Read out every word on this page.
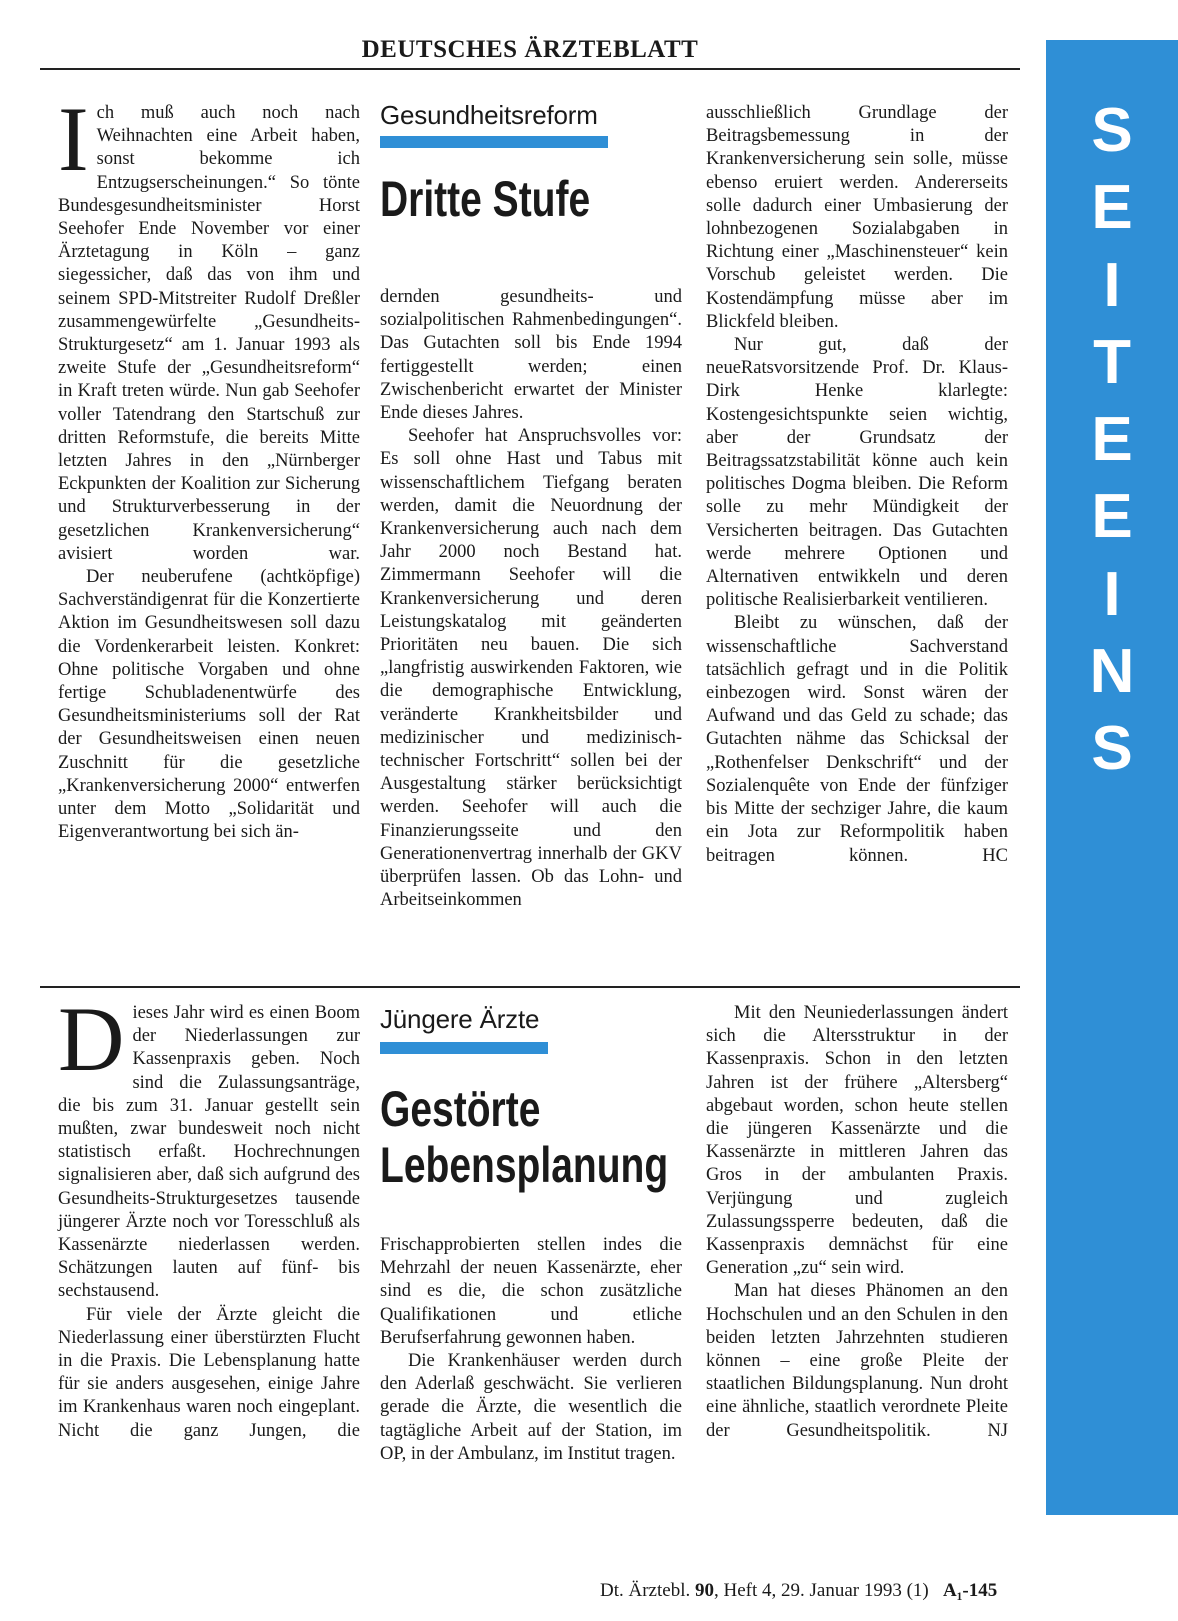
DEUTSCHES ÄRZTEBLATT
S
E
I
T
E
E
I
N
S

Ich muß auch noch nach Weihnachten eine Arbeit haben, sonst bekomme ich Entzugserscheinungen.“ So tönte Bundesgesundheitsminister Horst Seehofer Ende November vor einer Ärztetagung in Köln – ganz siegessicher, daß das von ihm und seinem SPD-Mitstreiter Rudolf Dreßler zusammengewürfelte „Gesundheits-Strukturgesetz“ am 1. Januar 1993 als zweite Stufe der „Gesundheitsreform“ in Kraft treten würde. Nun gab Seehofer voller Tatendrang den Startschuß zur dritten Reformstufe, die bereits Mitte letzten Jahres in den „Nürnberger Eckpunkten der Koalition zur Sicherung und Strukturverbesserung in der gesetzlichen Krankenversicherung“ avisiert worden war.

Der neuberufene (achtköpfige) Sachverständigenrat für die Konzertierte Aktion im Gesundheitswesen soll dazu die Vordenkerarbeit leisten. Konkret: Ohne politische Vorgaben und ohne fertige Schubladenentwürfe des Gesundheitsministeriums soll der Rat der Gesundheitsweisen einen neuen Zuschnitt für die gesetzliche „Krankenversicherung 2000“ entwerfen unter dem Motto „Solidarität und Eigenverantwortung bei sich än-

Gesundheitsreform
Dritte Stufe

dernden gesundheits- und sozialpolitischen Rahmenbedingungen“. Das Gutachten soll bis Ende 1994 fertiggestellt werden; einen Zwischenbericht erwartet der Minister Ende dieses Jahres.

Seehofer hat Anspruchsvolles vor: Es soll ohne Hast und Tabus mit wissenschaftlichem Tiefgang beraten werden, damit die Neuordnung der Krankenversicherung auch nach dem Jahr 2000 noch Bestand hat. Zimmermann Seehofer will die Krankenversicherung und deren Leistungskatalog mit geänderten Prioritäten neu bauen. Die sich „langfristig auswirkenden Faktoren, wie die demographische Entwicklung, veränderte Krankheitsbilder und medizinischer und medizinisch-technischer Fortschritt“ sollen bei der Ausgestaltung stärker berücksichtigt werden. Seehofer will auch die Finanzierungsseite und den Generationenvertrag innerhalb der GKV überprüfen lassen. Ob das Lohn- und Arbeitseinkommen

ausschließlich Grundlage der Beitragsbemessung in der Krankenversicherung sein solle, müsse ebenso eruiert werden. Andererseits solle dadurch einer Umbasierung der lohnbezogenen Sozialabgaben in Richtung einer „Maschinensteuer“ kein Vorschub geleistet werden. Die Kostendämpfung müsse aber im Blickfeld bleiben.

Nur gut, daß der neueRatsvorsitzende Prof. Dr. Klaus-Dirk Henke klarlegte: Kostengesichtspunkte seien wichtig, aber der Grundsatz der Beitragssatzstabilität könne auch kein politisches Dogma bleiben. Die Reform solle zu mehr Mündigkeit der Versicherten beitragen. Das Gutachten werde mehrere Optionen und Alternativen entwikkeln und deren politische Realisierbarkeit ventilieren.

Bleibt zu wünschen, daß der wissenschaftliche Sachverstand tatsächlich gefragt und in die Politik einbezogen wird. Sonst wären der Aufwand und das Geld zu schade; das Gutachten nähme das Schicksal der „Rothenfelser Denkschrift“ und der Sozialenquête von Ende der fünfziger bis Mitte der sechziger Jahre, die kaum ein Jota zur Reformpolitik haben beitragen können. HC

Dieses Jahr wird es einen Boom der Niederlassungen zur Kassenpraxis geben. Noch sind die Zulassungsanträge, die bis zum 31. Januar gestellt sein mußten, zwar bundesweit noch nicht statistisch erfaßt. Hochrechnungen signalisieren aber, daß sich aufgrund des Gesundheits-Strukturgesetzes tausende jüngerer Ärzte noch vor Toresschluß als Kassenärzte niederlassen werden. Schätzungen lauten auf fünf- bis sechstausend.

Für viele der Ärzte gleicht die Niederlassung einer überstürzten Flucht in die Praxis. Die Lebensplanung hatte für sie anders ausgesehen, einige Jahre im Krankenhaus waren noch eingeplant. Nicht die ganz Jungen, die

Jüngere Ärzte
Gestörte
Lebensplanung

Frischapprobierten stellen indes die Mehrzahl der neuen Kassenärzte, eher sind es die, die schon zusätzliche Qualifikationen und etliche Berufserfahrung gewonnen haben.

Die Krankenhäuser werden durch den Aderlaß geschwächt. Sie verlieren gerade die Ärzte, die wesentlich die tagtägliche Arbeit auf der Station, im OP, in der Ambulanz, im Institut tragen.

Mit den Neuniederlassungen ändert sich die Altersstruktur in der Kassenpraxis. Schon in den letzten Jahren ist der frühere „Altersberg“ abgebaut worden, schon heute stellen die jüngeren Kassenärzte und die Kassenärzte in mittleren Jahren das Gros in der ambulanten Praxis. Verjüngung und zugleich Zulassungssperre bedeuten, daß die Kassenpraxis demnächst für eine Generation „zu“ sein wird.

Man hat dieses Phänomen an den Hochschulen und an den Schulen in den beiden letzten Jahrzehnten studieren können – eine große Pleite der staatlichen Bildungsplanung. Nun droht eine ähnliche, staatlich verordnete Pleite der Gesundheitspolitik. NJ

Dt. Ärztebl. 90, Heft 4, 29. Januar 1993 (1) A₁-145
